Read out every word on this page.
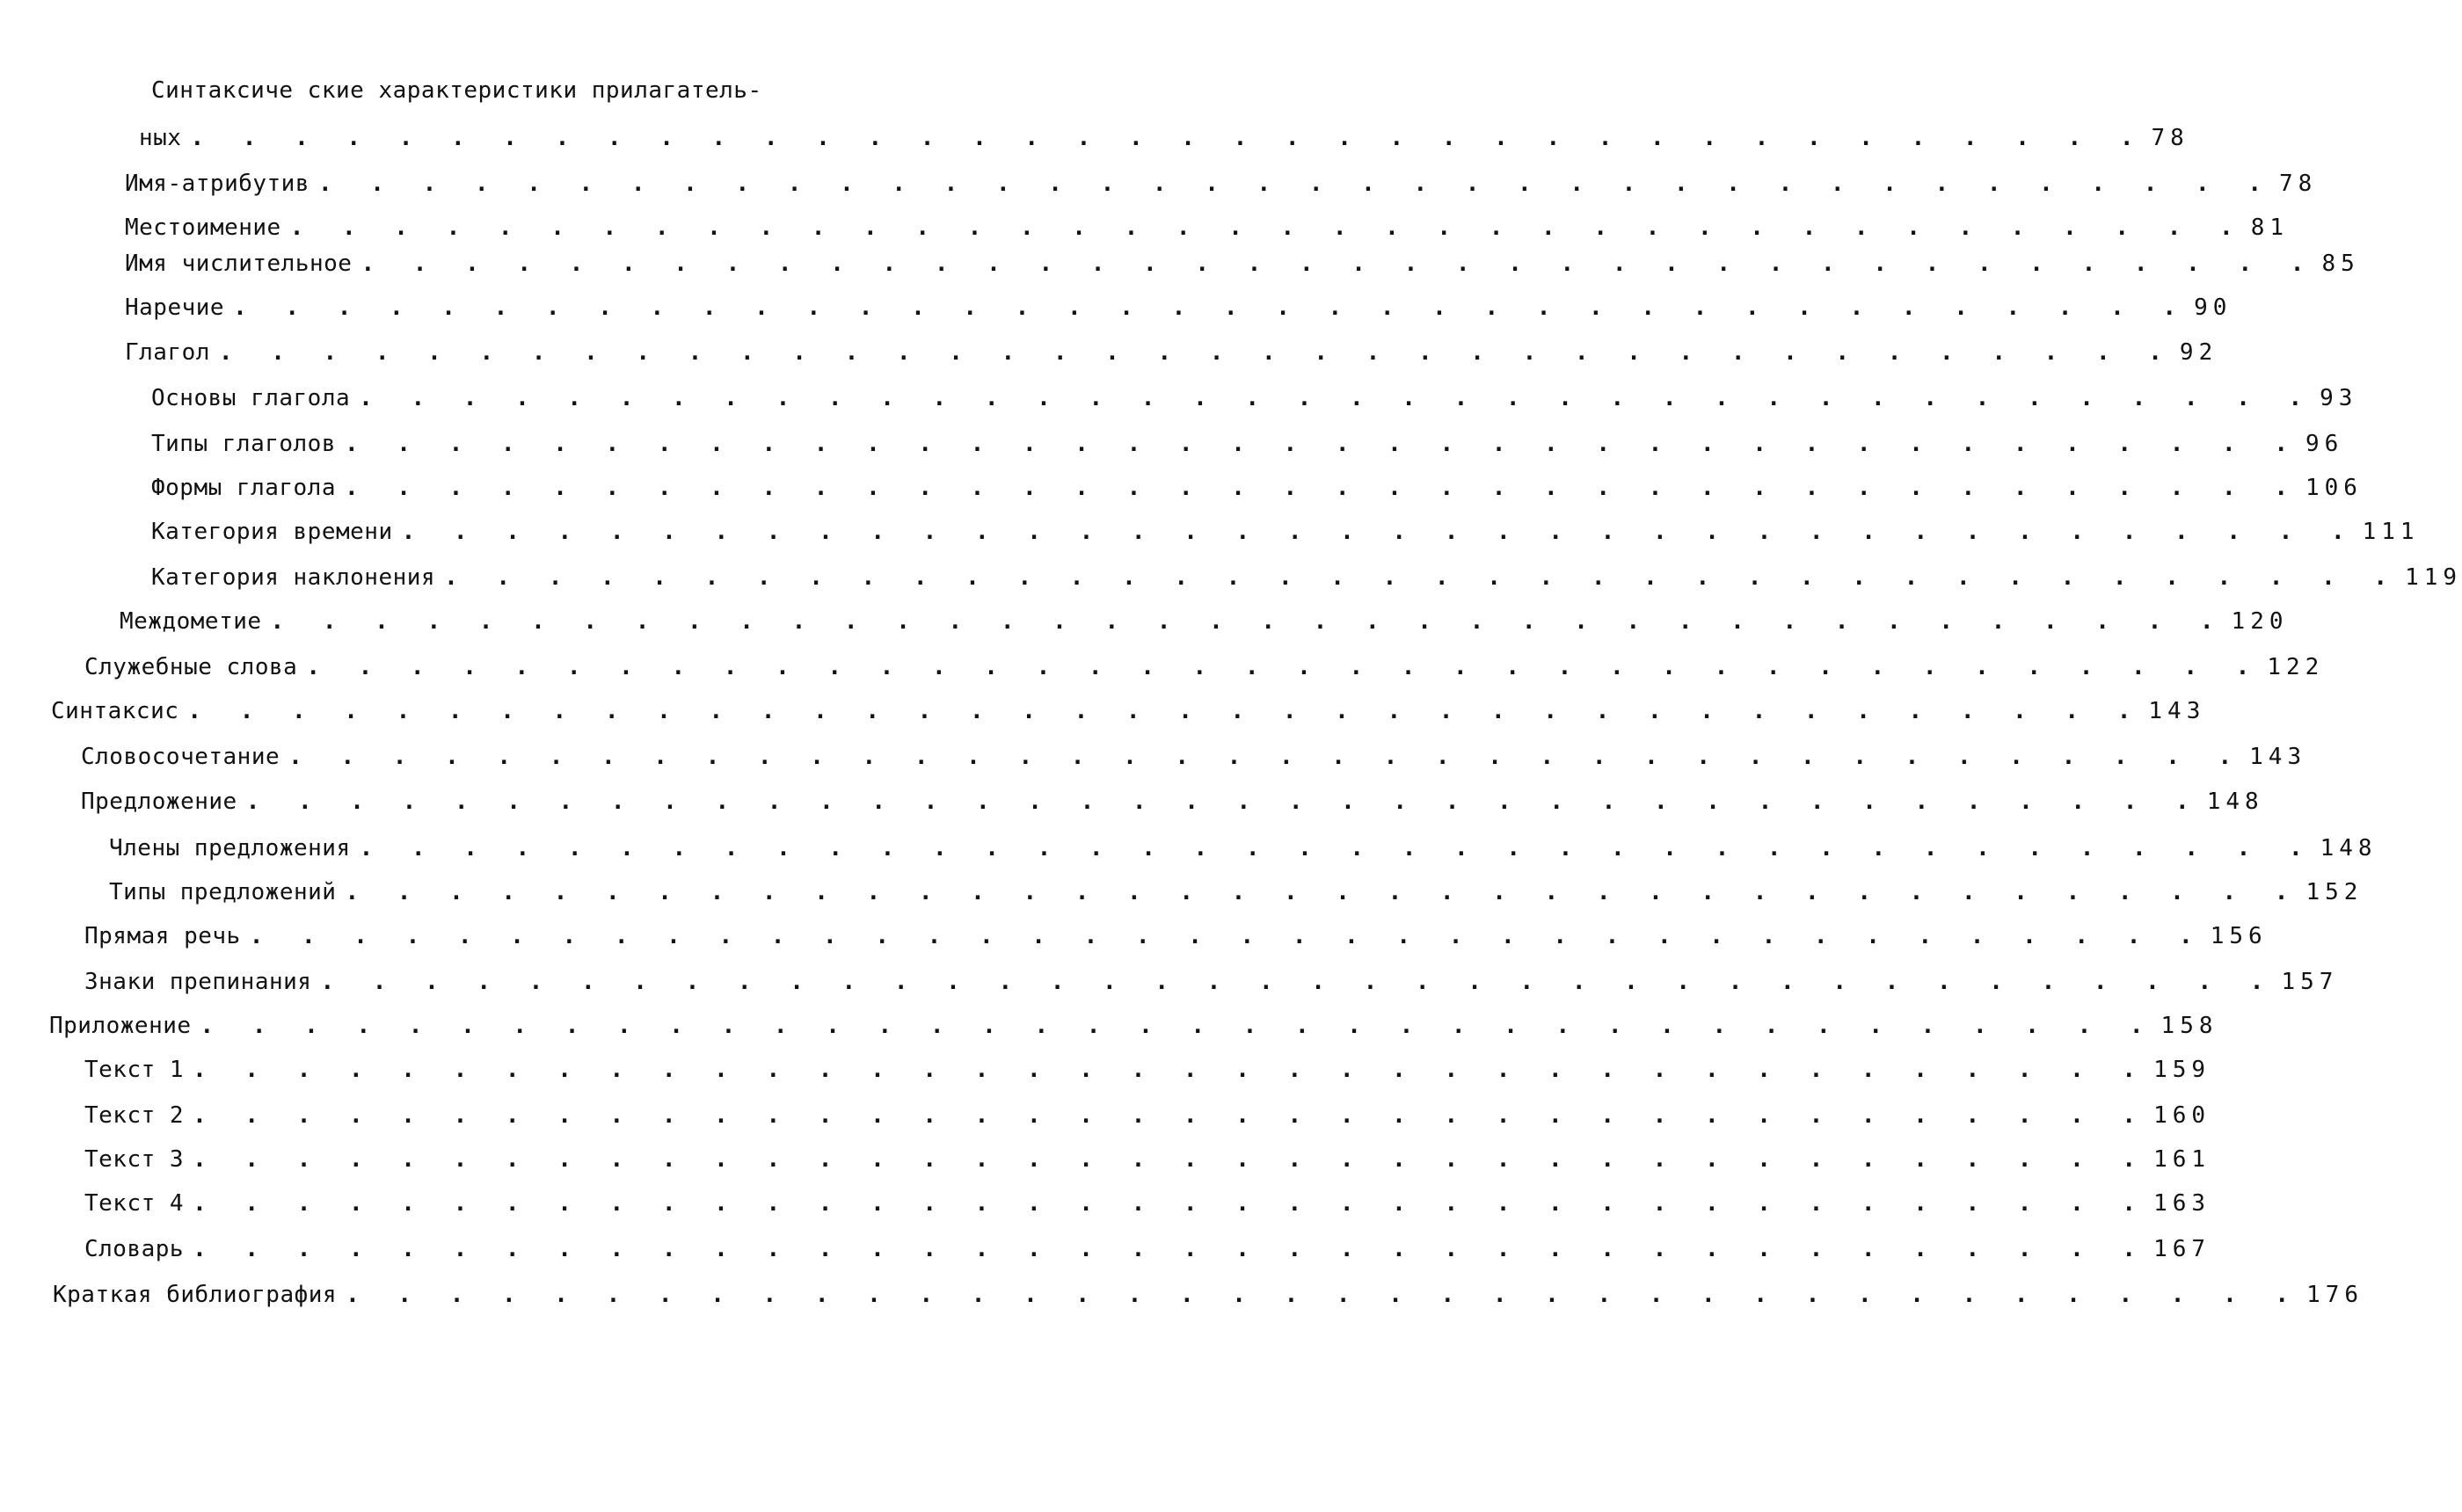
Синтаксиче ские характеристики прилагатель-
ных . . . . . . . . . . . . . . . . . . . . . . . . . . . . . . . . . . . . . . 78
Имя-атрибутив . . . . . . . . . . . . . . . . . . . . . . . . . . . . . . . . . . . . . . 78
Местоимение . . . . . . . . . . . . . . . . . . . . . . . . . . . . . . . . . . . . . . 81
Имя числительное . . . . . . . . . . . . . . . . . . . . . . . . . . . . . . . . . . . . . . 85
Наречие . . . . . . . . . . . . . . . . . . . . . . . . . . . . . . . . . . . . . . 90
Глагол . . . . . . . . . . . . . . . . . . . . . . . . . . . . . . . . . . . . . . 92
Основы глагола . . . . . . . . . . . . . . . . . . . . . . . . . . . . . . . . . . . . . . 93
Типы глаголов . . . . . . . . . . . . . . . . . . . . . . . . . . . . . . . . . . . . . . 96
Формы глагола . . . . . . . . . . . . . . . . . . . . . . . . . . . . . . . . . . . . . . 106
Категория времени . . . . . . . . . . . . . . . . . . . . . . . . . . . . . . . . . . . . . . 111
Категория наклонения . . . . . . . . . . . . . . . . . . . . . . . . . . . . . . . . . . . . . . 119
Междометие . . . . . . . . . . . . . . . . . . . . . . . . . . . . . . . . . . . . . . 120
Служебные слова . . . . . . . . . . . . . . . . . . . . . . . . . . . . . . . . . . . . . . 122
Синтаксис . . . . . . . . . . . . . . . . . . . . . . . . . . . . . . . . . . . . . . 143
Словосочетание . . . . . . . . . . . . . . . . . . . . . . . . . . . . . . . . . . . . . . 143
Предложение . . . . . . . . . . . . . . . . . . . . . . . . . . . . . . . . . . . . . . 148
Члены предложения . . . . . . . . . . . . . . . . . . . . . . . . . . . . . . . . . . . . . . 148
Типы предложений . . . . . . . . . . . . . . . . . . . . . . . . . . . . . . . . . . . . . . 152
Прямая речь . . . . . . . . . . . . . . . . . . . . . . . . . . . . . . . . . . . . . . 156
Знаки препинания . . . . . . . . . . . . . . . . . . . . . . . . . . . . . . . . . . . . . . 157
Приложение . . . . . . . . . . . . . . . . . . . . . . . . . . . . . . . . . . . . . . 158
Текст 1 . . . . . . . . . . . . . . . . . . . . . . . . . . . . . . . . . . . . . . 159
Текст 2 . . . . . . . . . . . . . . . . . . . . . . . . . . . . . . . . . . . . . . 160
Текст 3 . . . . . . . . . . . . . . . . . . . . . . . . . . . . . . . . . . . . . . 161
Текст 4 . . . . . . . . . . . . . . . . . . . . . . . . . . . . . . . . . . . . . . 163
Словарь . . . . . . . . . . . . . . . . . . . . . . . . . . . . . . . . . . . . . . 167
Краткая библиография . . . . . . . . . . . . . . . . . . . . . . . . . . . . . . . . . . . . . . 176
